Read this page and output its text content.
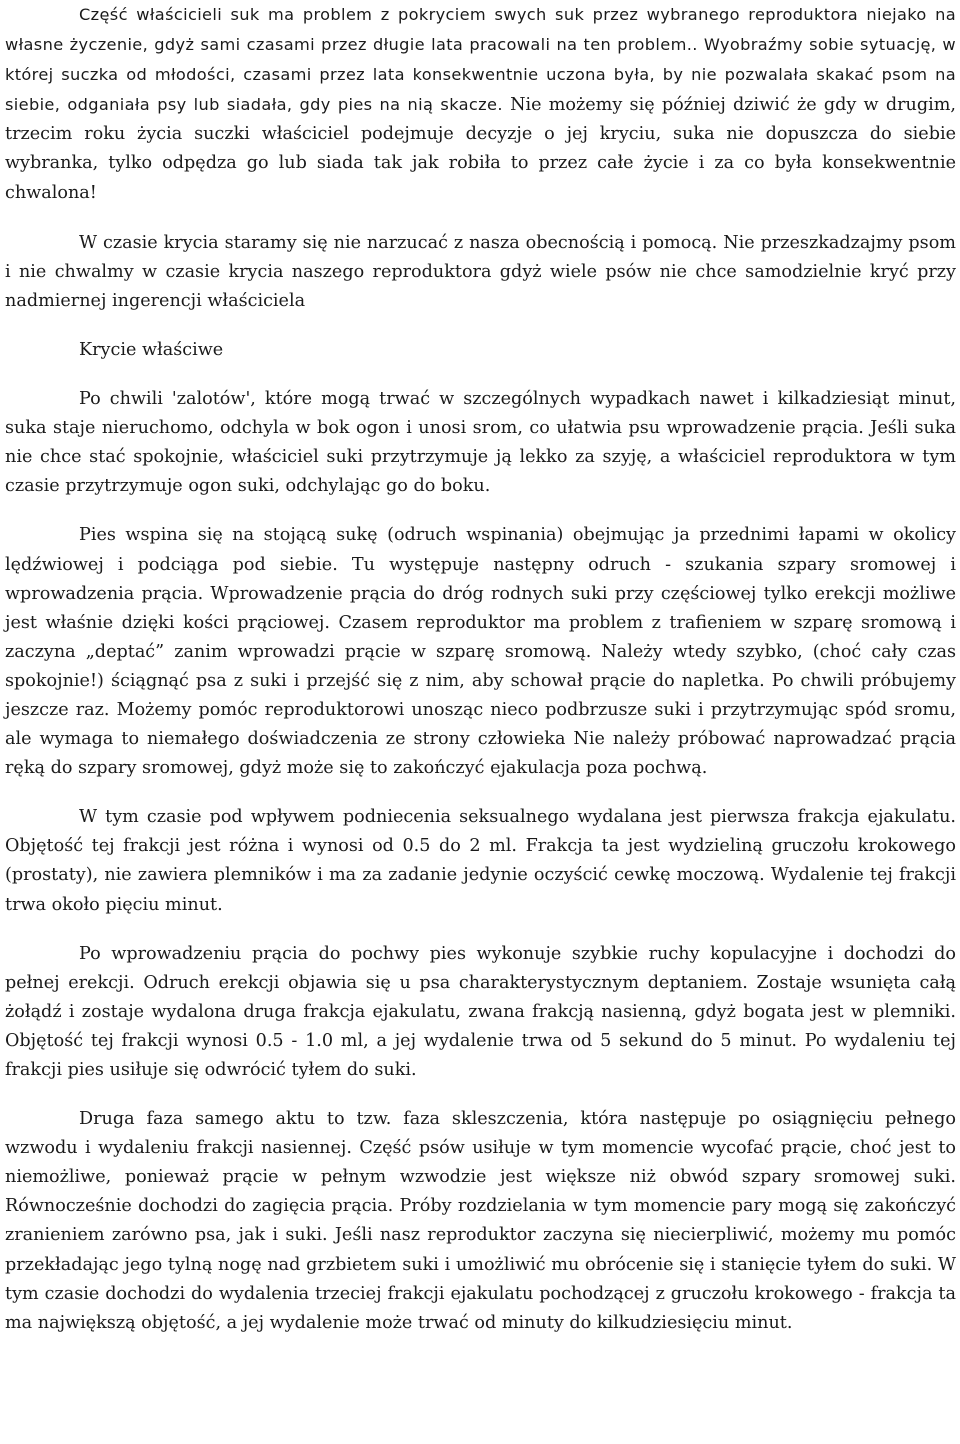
Część właścicieli suk ma problem z pokryciem swych suk przez wybranego reproduktora niejako na własne życzenie, gdyż sami czasami przez długie lata pracowali na ten problem.. Wyobraźmy sobie sytuację, w której suczka od młodości, czasami przez lata konsekwentnie uczona była, by nie pozwalała skakać psom na siebie, odganiała psy lub siadała, gdy pies na nią skacze. Nie możemy się później dziwić że gdy w drugim, trzecim roku życia suczki właściciel podejmuje decyzje o jej kryciu, suka nie dopuszcza do siebie wybranka, tylko odpędza go lub siada tak jak robiła to przez całe życie i za co była konsekwentnie chwalona!

W czasie krycia staramy się nie narzucać z nasza obecnością i pomocą. Nie przeszkadzajmy psom i nie chwalmy w czasie krycia naszego reproduktora gdyż wiele psów nie chce samodzielnie kryć przy nadmiernej ingerencji właściciela

Krycie właściwe

Po chwili 'zalotów', które mogą trwać w szczególnych wypadkach nawet i kilkadziesiąt minut, suka staje nieruchomo, odchyla w bok ogon i unosi srom, co ułatwia psu wprowadzenie prącia. Jeśli suka nie chce stać spokojnie, właściciel suki przytrzymuje ją lekko za szyję, a właściciel reproduktora w tym czasie przytrzymuje ogon suki, odchylając go do boku.

Pies wspina się na stojącą sukę (odruch wspinania) obejmując ja przednimi łapami w okolicy lędźwiowej i podciąga pod siebie. Tu występuje następny odruch - szukania szpary sromowej i wprowadzenia prącia. Wprowadzenie prącia do dróg rodnych suki przy częściowej tylko erekcji możliwe jest właśnie dzięki kości prąciowej. Czasem reproduktor ma problem z trafieniem w szparę sromową i zaczyna „deptać” zanim wprowadzi prącie w szparę sromową. Należy wtedy szybko, (choć cały czas spokojnie!) ściągnąć psa z suki i przejść się z nim, aby schował prącie do napletka. Po chwili próbujemy jeszcze raz. Możemy pomóc reproduktorowi unosząc nieco podbrzusze suki i przytrzymując spód sromu, ale wymaga to niemałego doświadczenia ze strony człowieka Nie należy próbować naprowadzać prącia ręką do szpary sromowej, gdyż może się to zakończyć ejakulacja poza pochwą.

W tym czasie pod wpływem podniecenia seksualnego wydalana jest pierwsza frakcja ejakulatu. Objętość tej frakcji jest różna i wynosi od 0.5 do 2 ml. Frakcja ta jest wydzieliną gruczołu krokowego (prostaty), nie zawiera plemników i ma za zadanie jedynie oczyścić cewkę moczową. Wydalenie tej frakcji trwa około pięciu minut.

Po wprowadzeniu prącia do pochwy pies wykonuje szybkie ruchy kopulacyjne i dochodzi do pełnej erekcji. Odruch erekcji objawia się u psa charakterystycznym deptaniem. Zostaje wsunięta całą żołądź i zostaje wydalona druga frakcja ejakulatu, zwana frakcją nasienną, gdyż bogata jest w plemniki. Objętość tej frakcji wynosi 0.5 - 1.0 ml, a jej wydalenie trwa od 5 sekund do 5 minut. Po wydaleniu tej frakcji pies usiłuje się odwrócić tyłem do suki.

Druga faza samego aktu to tzw. faza skleszczenia, która następuje po osiągnięciu pełnego wzwodu i wydaleniu frakcji nasiennej. Część psów usiłuje w tym momencie wycofać prącie, choć jest to niemożliwe, ponieważ prącie w pełnym wzwodzie jest większe niż obwód szpary sromowej suki. Równocześnie dochodzi do zagięcia prącia. Próby rozdzielania w tym momencie pary mogą się zakończyć zranieniem zarówno psa, jak i suki. Jeśli nasz reproduktor zaczyna się niecierpliwić, możemy mu pomóc przekładając jego tylną nogę nad grzbietem suki i umożliwić mu obrócenie się i stanięcie tyłem do suki. W tym czasie dochodzi do wydalenia trzeciej frakcji ejakulatu pochodzącej z gruczołu krokowego - frakcja ta ma największą objętość, a jej wydalenie może trwać od minuty do kilkudziesięciu minut.
